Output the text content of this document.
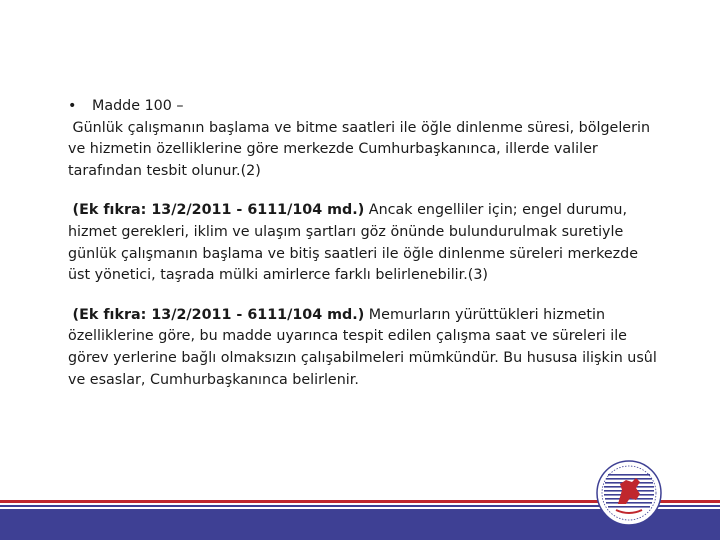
• Madde 100 –

Günlük çalışmanın başlama ve bitme saatleri ile öğle dinlenme süresi, bölgelerin ve hizmetin özelliklerine göre merkezde Cumhurbaşkanınca, illerde valiler tarafından tesbit olunur.(2)

(Ek fıkra: 13/2/2011 - 6111/104 md.) Ancak engelliler için; engel durumu, hizmet gerekleri, iklim ve ulaşım şartları göz önünde bulundurulmak suretiyle günlük çalışmanın başlama ve bitiş saatleri ile öğle dinlenme süreleri merkezde üst yönetici, taşrada mülki amirlerce farklı belirlenebilir.(3)

(Ek fıkra: 13/2/2011 - 6111/104 md.) Memurların yürüttükleri hizmetin özelliklerine göre, bu madde uyarınca tespit edilen çalışma saat ve süreleri ile görev yerlerine bağlı olmaksızın çalışabilmeleri mümkündür. Bu hususa ilişkin usûl ve esaslar, Cumhurbaşkanınca belirlenir.
